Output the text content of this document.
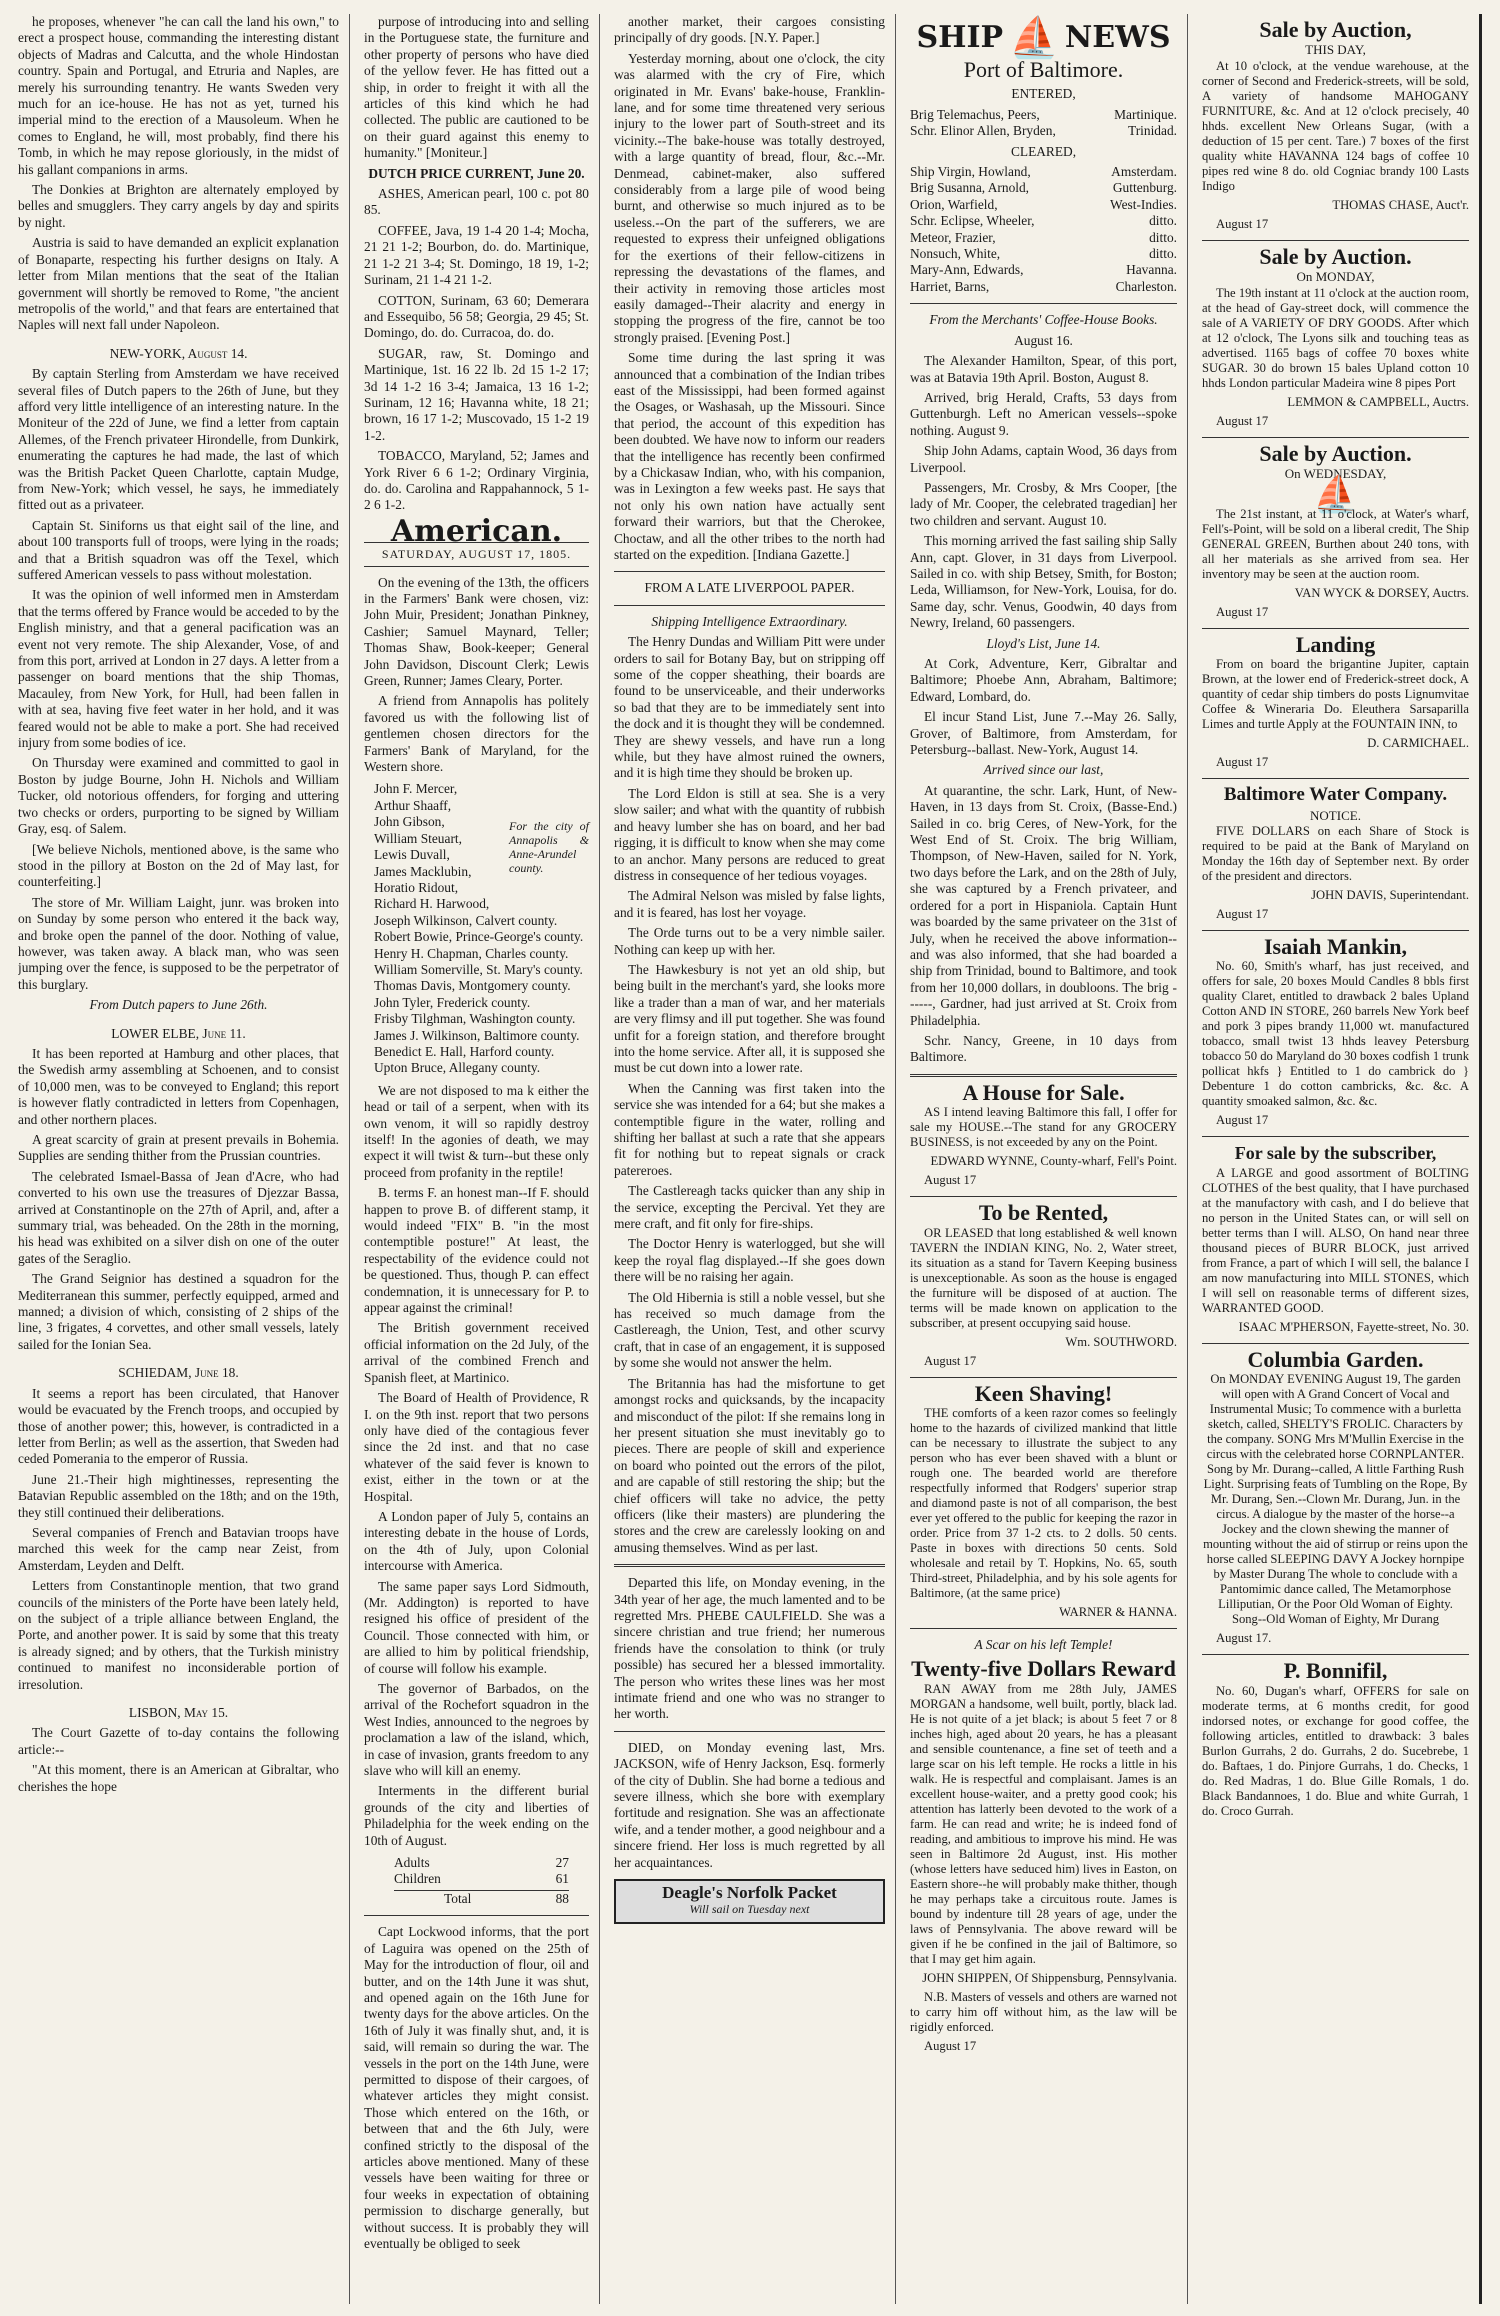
he proposes, whenever "he can call the land his own," to erect a prospect house, commanding the interesting distant objects of Madras and Calcutta, and the whole Hindostan country. Spain and Portugal, and Etruria and Naples, are merely his surrounding tenantry. He wants Sweden very much for an ice-house. He has not as yet, turned his imperial mind to the erection of a Mausoleum. When he comes to England, he will, most probably, find there his Tomb, in which he may repose gloriously, in the midst of his gallant companions in arms.

The Donkies at Brighton are alternately employed by belles and smugglers. They carry angels by day and spirits by night.

Austria is said to have demanded an explicit explanation of Bonaparte, respecting his further designs on Italy. A letter from Milan mentions that the seat of the Italian government will shortly be removed to Rome, "the ancient metropolis of the world," and that fears are entertained that Naples will next fall under Napoleon.

NEW-YORK, August 14.

By captain Sterling from Amsterdam we have received several files of Dutch papers to the 26th of June, but they afford very little intelligence of an interesting nature. In the Moniteur of the 22d of June, we find a letter from captain Allemes, of the French privateer Hirondelle, from Dunkirk, enumerating the captures he had made, the last of which was the British Packet Queen Charlotte, captain Mudge, from New-York; which vessel, he says, he immediately fitted out as a privateer.

Captain St. Siniforns us that eight sail of the line, and about 100 transports full of troops, were lying in the roads; and that a British squadron was off the Texel, which suffered American vessels to pass without molestation.

It was the opinion of well informed men in Amsterdam that the terms offered by France would be acceded to by the English ministry, and that a general pacification was an event not very remote. The ship Alexander, Vose, of and from this port, arrived at London in 27 days. A letter from a passenger on board mentions that the ship Thomas, Macauley, from New York, for Hull, had been fallen in with at sea, having five feet water in her hold, and it was feared would not be able to make a port. She had received injury from some bodies of ice.

On Thursday were examined and committed to gaol in Boston by judge Bourne, John H. Nichols and William Tucker, old notorious offenders, for forging and uttering two checks or orders, purporting to be signed by William Gray, esq. of Salem.

[We believe Nichols, mentioned above, is the same who stood in the pillory at Boston on the 2d of May last, for counterfeiting.]

The store of Mr. William Laight, junr. was broken into on Sunday by some person who entered it the back way, and broke open the pannel of the door. Nothing of value, however, was taken away. A black man, who was seen jumping over the fence, is supposed to be the perpetrator of this burglary.

From Dutch papers to June 26th.

LOWER ELBE, June 11.

It has been reported at Hamburg and other places, that the Swedish army assembling at Schoenen, and to consist of 10,000 men, was to be conveyed to England; this report is however flatly contradicted in letters from Copenhagen, and other northern places.

A great scarcity of grain at present prevails in Bohemia. Supplies are sending thither from the Prussian countries.

The celebrated Ismael-Bassa of Jean d'Acre, who had converted to his own use the treasures of Djezzar Bassa, arrived at Constantinople on the 27th of April, and, after a summary trial, was beheaded. On the 28th in the morning, his head was exhibited on a silver dish on one of the outer gates of the Seraglio.

The Grand Seignior has destined a squadron for the Mediterranean this summer, perfectly equipped, armed and manned; a division of which, consisting of 2 ships of the line, 3 frigates, 4 corvettes, and other small vessels, lately sailed for the Ionian Sea.

SCHIEDAM, June 18.

It seems a report has been circulated, that Hanover would be evacuated by the French troops, and occupied by those of another power; this, however, is contradicted in a letter from Berlin; as well as the assertion, that Sweden had ceded Pomerania to the emperor of Russia.

June 21.-Their high mightinesses, representing the Batavian Republic assembled on the 18th; and on the 19th, they still continued their deliberations.

Several companies of French and Batavian troops have marched this week for the camp near Zeist, from Amsterdam, Leyden and Delft.

Letters from Constantinople mention, that two grand councils of the ministers of the Porte have been lately held, on the subject of a triple alliance between England, the Porte, and another power. It is said by some that this treaty is already signed; and by others, that the Turkish ministry continued to manifest no inconsiderable portion of irresolution.

LISBON, May 15.

The Court Gazette of to-day contains the following article:--

"At this moment, there is an American at Gibraltar, who cherishes the hope

purpose of introducing into and selling in the Portuguese state, the furniture and other property of persons who have died of the yellow fever. He has fitted out a ship, in order to freight it with all the articles of this kind which he had collected. The public are cautioned to be on their guard against this enemy to humanity." [Moniteur.]

DUTCH PRICE CURRENT, June 20.

ASHES, American pearl, 100 c. pot 80 85.

COFFEE, Java, 19 1-4 20 1-4; Mocha, 21 21 1-2; Bourbon, do. do. Martinique, 21 1-2 21 3-4; St. Domingo, 18 19, 1-2; Surinam, 21 1-4 21 1-2.

COTTON, Surinam, 63 60; Demerara and Essequibo, 56 58; Georgia, 29 45; St. Domingo, do. do. Curracoa, do. do.

SUGAR, raw, St. Domingo and Martinique, 1st. 16 22 lb. 2d 15 1-2 17; 3d 14 1-2 16 3-4; Jamaica, 13 16 1-2; Surinam, 12 16; Havanna white, 18 21; brown, 16 17 1-2; Muscovado, 15 1-2 19 1-2.

TOBACCO, Maryland, 52; James and York River 6 6 1-2; Ordinary Virginia, do. do. Carolina and Rappahannock, 5 1-2 6 1-2.

American.
SATURDAY, AUGUST 17, 1805.

On the evening of the 13th, the officers in the Farmers' Bank were chosen, viz: John Muir, President; Jonathan Pinkney, Cashier; Samuel Maynard, Teller; Thomas Shaw, Book-keeper; General John Davidson, Discount Clerk; Lewis Green, Runner; James Cleary, Porter.

A friend from Annapolis has politely favored us with the following list of gentlemen chosen directors for the Farmers' Bank of Maryland, for the Western shore.

John F. Mercer,
Arthur Shaaff,
John Gibson,
William Steuart,
Lewis Duvall,
James Macklubin,
Horatio Ridout,
Richard H. Harwood,
For the city of Annapolis & Anne-Arundel county.
Joseph Wilkinson, Calvert county.
Robert Bowie, Prince-George's county.
Henry H. Chapman, Charles county.
William Somerville, St. Mary's county.
Thomas Davis, Montgomery county.
John Tyler, Frederick county.
Frisby Tilghman, Washington county.
James J. Wilkinson, Baltimore county.
Benedict E. Hall, Harford county.
Upton Bruce, Allegany county.

We are not disposed to ma k either the head or tail of a serpent, when with its own venom, it will so rapidly destroy itself! In the agonies of death, we may expect it will twist & turn--but these only proceed from profanity in the reptile!

B. terms F. an honest man--If F. should happen to prove B. of different stamp, it would indeed "FIX" B. "in the most contemptible posture!" At least, the respectability of the evidence could not be questioned. Thus, though P. can effect condemnation, it is unnecessary for P. to appear against the criminal!

The British government received official information on the 2d July, of the arrival of the combined French and Spanish fleet, at Martinico.

The Board of Health of Providence, R I. on the 9th inst. report that two persons only have died of the contagious fever since the 2d inst. and that no case whatever of the said fever is known to exist, either in the town or at the Hospital.

A London paper of July 5, contains an interesting debate in the house of Lords, on the 4th of July, upon Colonial intercourse with America.

The same paper says Lord Sidmouth, (Mr. Addington) is reported to have resigned his office of president of the Council. Those connected with him, or are allied to him by political friendship, of course will follow his example.

The governor of Barbados, on the arrival of the Rochefort squadron in the West Indies, announced to the negroes by proclamation a law of the island, which, in case of invasion, grants freedom to any slave who will kill an enemy.

Interments in the different burial grounds of the city and liberties of Philadelphia for the week ending on the 10th of August.

Adults	27
Children	61
Total	88

Capt Lockwood informs, that the port of Laguira was opened on the 25th of May for the introduction of flour, oil and butter, and on the 14th June it was shut, and opened again on the 16th June for twenty days for the above articles. On the 16th of July it was finally shut, and, it is said, will remain so during the war. The vessels in the port on the 14th June, were permitted to dispose of their cargoes, of whatever articles they might consist. Those which entered on the 16th, or between that and the 6th July, were confined strictly to the disposal of the articles above mentioned. Many of these vessels have been waiting for three or four weeks in expectation of obtaining permission to discharge generally, but without success. It is probably they will eventually be obliged to seek

another market, their cargoes consisting principally of dry goods. [N.Y. Paper.]

Yesterday morning, about one o'clock, the city was alarmed with the cry of Fire, which originated in Mr. Evans' bake-house, Franklin-lane, and for some time threatened very serious injury to the lower part of South-street and its vicinity.--The bake-house was totally destroyed, with a large quantity of bread, flour, &c.--Mr. Denmead, cabinet-maker, also suffered considerably from a large pile of wood being burnt, and otherwise so much injured as to be useless.--On the part of the sufferers, we are requested to express their unfeigned obligations for the exertions of their fellow-citizens in repressing the devastations of the flames, and their activity in removing those articles most easily damaged--Their alacrity and energy in stopping the progress of the fire, cannot be too strongly praised. [Evening Post.]

Some time during the last spring it was announced that a combination of the Indian tribes east of the Mississippi, had been formed against the Osages, or Washasah, up the Missouri. Since that period, the account of this expedition has been doubted. We have now to inform our readers that the intelligence has recently been confirmed by a Chickasaw Indian, who, with his companion, was in Lexington a few weeks past. He says that not only his own nation have actually sent forward their warriors, but that the Cherokee, Choctaw, and all the other tribes to the north had started on the expedition. [Indiana Gazette.]

FROM A LATE LIVERPOOL PAPER.

Shipping Intelligence Extraordinary.

The Henry Dundas and William Pitt were under orders to sail for Botany Bay, but on stripping off some of the copper sheathing, their boards are found to be unserviceable, and their underworks so bad that they are to be immediately sent into the dock and it is thought they will be condemned. They are shewy vessels, and have run a long while, but they have almost ruined the owners, and it is high time they should be broken up.

The Lord Eldon is still at sea. She is a very slow sailer; and what with the quantity of rubbish and heavy lumber she has on board, and her bad rigging, it is difficult to know when she may come to an anchor. Many persons are reduced to great distress in consequence of her tedious voyages.

The Admiral Nelson was misled by false lights, and it is feared, has lost her voyage.

The Orde turns out to be a very nimble sailer. Nothing can keep up with her.

The Hawkesbury is not yet an old ship, but being built in the merchant's yard, she looks more like a trader than a man of war, and her materials are very flimsy and ill put together. She was found unfit for a foreign station, and therefore brought into the home service. After all, it is supposed she must be cut down into a lower rate.

When the Canning was first taken into the service she was intended for a 64; but she makes a contemptible figure in the water, rolling and shifting her ballast at such a rate that she appears fit for nothing but to repeat signals or crack patereroes.

The Castlereagh tacks quicker than any ship in the service, excepting the Percival. Yet they are mere craft, and fit only for fire-ships.

The Doctor Henry is waterlogged, but she will keep the royal flag displayed.--If she goes down there will be no raising her again.

The Old Hibernia is still a noble vessel, but she has received so much damage from the Castlereagh, the Union, Test, and other scurvy craft, that in case of an engagement, it is supposed by some she would not answer the helm.

The Britannia has had the misfortune to get amongst rocks and quicksands, by the incapacity and misconduct of the pilot: If she remains long in her present situation she must inevitably go to pieces. There are people of skill and experience on board who pointed out the errors of the pilot, and are capable of still restoring the ship; but the chief officers will take no advice, the petty officers (like their masters) are plundering the stores and the crew are carelessly looking on and amusing themselves. Wind as per last.

Departed this life, on Monday evening, in the 34th year of her age, the much lamented and to be regretted Mrs. PHEBE CAULFIELD. She was a sincere christian and true friend; her numerous friends have the consolation to think (or truly possible) has secured her a blessed immortality. The person who writes these lines was her most intimate friend and one who was no stranger to her worth.

DIED, on Monday evening last, Mrs. JACKSON, wife of Henry Jackson, Esq. formerly of the city of Dublin. She had borne a tedious and severe illness, which she bore with exemplary fortitude and resignation. She was an affectionate wife, and a tender mother, a good neighbour and a sincere friend. Her loss is much regretted by all her acquaintances.

Deagle's Norfolk Packet
Will sail on Tuesday next
SHIP ⛵ NEWS
Port of Baltimore.

ENTERED,

Brig Telemachus, Peers,	Martinique.
Schr. Elinor Allen, Bryden,	Trinidad.

CLEARED,

Ship Virgin, Howland,	Amsterdam.
Brig Susanna, Arnold,	Guttenburg.
Orion, Warfield,	West-Indies.
Schr. Eclipse, Wheeler,	ditto.
Meteor, Frazier,	ditto.
Nonsuch, White,	ditto.
Mary-Ann, Edwards,	Havanna.
Harriet, Barns,	Charleston.

From the Merchants' Coffee-House Books.

August 16.

The Alexander Hamilton, Spear, of this port, was at Batavia 19th April. Boston, August 8.

Arrived, brig Herald, Crafts, 53 days from Guttenburgh. Left no American vessels--spoke nothing. August 9.

Ship John Adams, captain Wood, 36 days from Liverpool.

Passengers, Mr. Crosby, & Mrs Cooper, [the lady of Mr. Cooper, the celebrated tragedian] her two children and servant. August 10.

This morning arrived the fast sailing ship Sally Ann, capt. Glover, in 31 days from Liverpool. Sailed in co. with ship Betsey, Smith, for Boston; Leda, Williamson, for New-York, Louisa, for do. Same day, schr. Venus, Goodwin, 40 days from Newry, Ireland, 60 passengers.

Lloyd's List, June 14.

At Cork, Adventure, Kerr, Gibraltar and Baltimore; Phoebe Ann, Abraham, Baltimore; Edward, Lombard, do.

El incur Stand List, June 7.--May 26. Sally, Grover, of Baltimore, from Amsterdam, for Petersburg--ballast. New-York, August 14.

Arrived since our last,

At quarantine, the schr. Lark, Hunt, of New-Haven, in 13 days from St. Croix, (Basse-End.) Sailed in co. brig Ceres, of New-York, for the West End of St. Croix. The brig William, Thompson, of New-Haven, sailed for N. York, two days before the Lark, and on the 28th of July, she was captured by a French privateer, and ordered for a port in Hispaniola. Captain Hunt was boarded by the same privateer on the 31st of July, when he received the above information--and was also informed, that she had boarded a ship from Trinidad, bound to Baltimore, and took from her 10,000 dollars, in doubloons. The brig ------, Gardner, had just arrived at St. Croix from Philadelphia.

Schr. Nancy, Greene, in 10 days from Baltimore.

A House for Sale.

AS I intend leaving Baltimore this fall, I offer for sale my HOUSE.--The stand for any GROCERY BUSINESS, is not exceeded by any on the Point.

EDWARD WYNNE, County-wharf, Fell's Point.

August 17

To be Rented,

OR LEASED that long established & well known TAVERN the INDIAN KING, No. 2, Water street, its situation as a stand for Tavern Keeping business is unexceptionable. As soon as the house is engaged the furniture will be disposed of at auction. The terms will be made known on application to the subscriber, at present occupying said house.

Wm. SOUTHWORD.

August 17

Keen Shaving!

THE comforts of a keen razor comes so feelingly home to the hazards of civilized mankind that little can be necessary to illustrate the subject to any person who has ever been shaved with a blunt or rough one. The bearded world are therefore respectfully informed that Rodgers' superior strap and diamond paste is not of all comparison, the best ever yet offered to the public for keeping the razor in order. Price from 37 1-2 cts. to 2 dolls. 50 cents. Paste in boxes with directions 50 cents. Sold wholesale and retail by T. Hopkins, No. 65, south Third-street, Philadelphia, and by his sole agents for Baltimore, (at the same price)

WARNER & HANNA.

A Scar on his left Temple!

Twenty-five Dollars Reward

RAN AWAY from me 28th July, JAMES MORGAN a handsome, well built, portly, black lad. He is not quite of a jet black; is about 5 feet 7 or 8 inches high, aged about 20 years, he has a pleasant and sensible countenance, a fine set of teeth and a large scar on his left temple. He rocks a little in his walk. He is respectful and complaisant. James is an excellent house-waiter, and a pretty good cook; his attention has latterly been devoted to the work of a farm. He can read and write; he is indeed fond of reading, and ambitious to improve his mind. He was seen in Baltimore 2d August, inst. His mother (whose letters have seduced him) lives in Easton, on Eastern shore--he will probably make thither, though he may perhaps take a circuitous route. James is bound by indenture till 28 years of age, under the laws of Pennsylvania. The above reward will be given if he be confined in the jail of Baltimore, so that I may get him again.

JOHN SHIPPEN, Of Shippensburg, Pennsylvania.

N.B. Masters of vessels and others are warned not to carry him off without him, as the law will be rigidly enforced.

August 17

Sale by Auction,
THIS DAY,

At 10 o'clock, at the vendue warehouse, at the corner of Second and Frederick-streets, will be sold, A variety of handsome MAHOGANY FURNITURE, &c. And at 12 o'clock precisely, 40 hhds. excellent New Orleans Sugar, (with a deduction of 15 per cent. Tare.) 7 boxes of the first quality white HAVANNA 124 bags of coffee 10 pipes red wine 8 do. old Cogniac brandy 100 Lasts Indigo

THOMAS CHASE, Auct'r.

August 17

Sale by Auction.
On MONDAY,

The 19th instant at 11 o'clock at the auction room, at the head of Gay-street dock, will commence the sale of A VARIETY OF DRY GOODS. After which at 12 o'clock, The Lyons silk and touching teas as advertised. 1165 bags of coffee 70 boxes white SUGAR. 30 do brown 15 bales Upland cotton 10 hhds London particular Madeira wine 8 pipes Port

LEMMON & CAMPBELL, Auctrs.

August 17

Sale by Auction.
On WEDNESDAY,
⛵

The 21st instant, at 11 o'clock, at Water's wharf, Fell's-Point, will be sold on a liberal credit, The Ship GENERAL GREEN, Burthen about 240 tons, with all her materials as she arrived from sea. Her inventory may be seen at the auction room.

VAN WYCK & DORSEY, Auctrs.

August 17

Landing

From on board the brigantine Jupiter, captain Brown, at the lower end of Frederick-street dock, A quantity of cedar ship timbers do posts Lignumvitae Coffee & Wineraria Do. Eleuthera Sarsaparilla Limes and turtle Apply at the FOUNTAIN INN, to

D. CARMICHAEL.

August 17

Baltimore Water Company.
NOTICE.

FIVE DOLLARS on each Share of Stock is required to be paid at the Bank of Maryland on Monday the 16th day of September next. By order of the president and directors.

JOHN DAVIS, Superintendant.

August 17

Isaiah Mankin,

No. 60, Smith's wharf, has just received, and offers for sale, 20 boxes Mould Candles 8 bbls first quality Claret, entitled to drawback 2 bales Upland Cotton AND IN STORE, 260 barrels New York beef and pork 3 pipes brandy 11,000 wt. manufactured tobacco, small twist 13 hhds leavey Petersburg tobacco 50 do Maryland do 30 boxes codfish 1 trunk pollicat hkfs } Entitled to 1 do cambrick do } Debenture 1 do cotton cambricks, &c. &c. A quantity smoaked salmon, &c. &c.

August 17

For sale by the subscriber,

A LARGE and good assortment of BOLTING CLOTHES of the best quality, that I have purchased at the manufactory with cash, and I do believe that no person in the United States can, or will sell on better terms than I will. ALSO, On hand near three thousand pieces of BURR BLOCK, just arrived from France, a part of which I will sell, the balance I am now manufacturing into MILL STONES, which I will sell on reasonable terms of different sizes, WARRANTED GOOD.

ISAAC M'PHERSON, Fayette-street, No. 30.

Columbia Garden.

On MONDAY EVENING August 19, The garden will open with A Grand Concert of Vocal and Instrumental Music; To commence with a burletta sketch, called, SHELTY'S FROLIC. Characters by the company. SONG Mrs M'Mullin Exercise in the circus with the celebrated horse CORNPLANTER. Song by Mr. Durang--called, A little Farthing Rush Light. Surprising feats of Tumbling on the Rope, By Mr. Durang, Sen.--Clown Mr. Durang, Jun. in the circus. A dialogue by the master of the horse--a Jockey and the clown shewing the manner of mounting without the aid of stirrup or reins upon the horse called SLEEPING DAVY A Jockey hornpipe by Master Durang The whole to conclude with a Pantomimic dance called, The Metamorphose Lilliputian, Or the Poor Old Woman of Eighty. Song--Old Woman of Eighty, Mr Durang

August 17.

P. Bonnifil,

No. 60, Dugan's wharf, OFFERS for sale on moderate terms, at 6 months credit, for good indorsed notes, or exchange for good coffee, the following articles, entitled to drawback: 3 bales Burlon Gurrahs, 2 do. Gurrahs, 2 do. Sucebrebe, 1 do. Baftaes, 1 do. Pinjore Gurrahs, 1 do. Checks, 1 do. Red Madras, 1 do. Blue Gille Romals, 1 do. Black Bandannoes, 1 do. Blue and white Gurrah, 1 do. Croco Gurrah.
